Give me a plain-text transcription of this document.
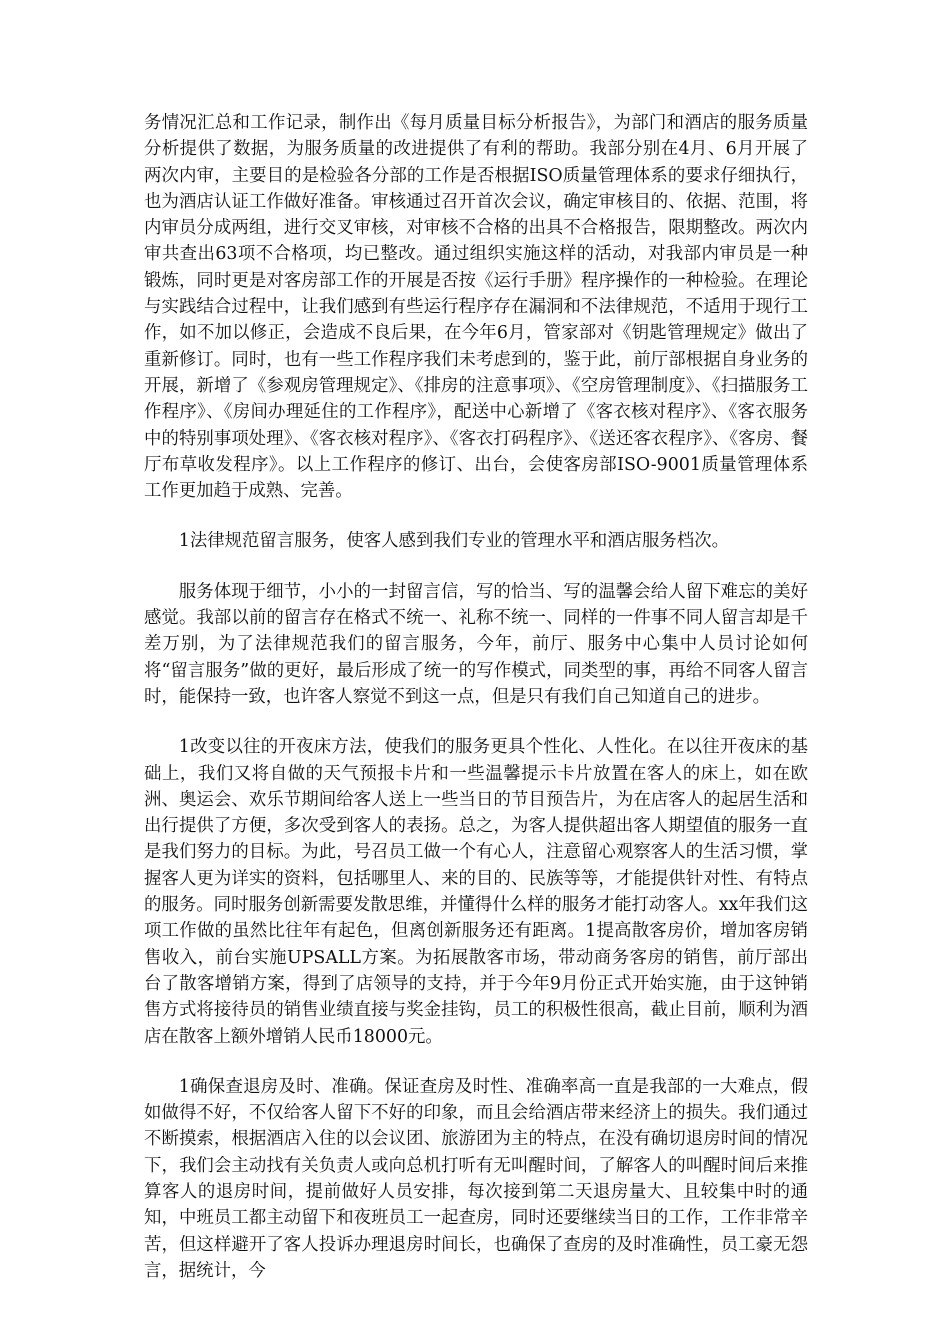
务情况汇总和工作记录，制作出《每月质量目标分析报告》，为部门和酒店的服务质量分析提供了数据，为服务质量的改进提供了有利的帮助。我部分别在4月、6月开展了两次内审，主要目的是检验各分部的工作是否根据ISO质量管理体系的要求仔细执行，也为酒店认证工作做好准备。审核通过召开首次会议，确定审核目的、依据、范围，将内审员分成两组，进行交叉审核，对审核不合格的出具不合格报告，限期整改。两次内审共查出63项不合格项，均已整改。通过组织实施这样的活动，对我部内审员是一种锻炼，同时更是对客房部工作的开展是否按《运行手册》程序操作的一种检验。在理论与实践结合过程中，让我们感到有些运行程序存在漏洞和不法律规范，不适用于现行工作，如不加以修正，会造成不良后果，在今年6月，管家部对《钥匙管理规定》做出了重新修订。同时，也有一些工作程序我们未考虑到的，鉴于此，前厅部根据自身业务的开展，新增了《参观房管理规定》、《排房的注意事项》、《空房管理制度》、《扫描服务工作程序》、《房间办理延住的工作程序》，配送中心新增了《客衣核对程序》、《客衣服务中的特别事项处理》、《客衣核对程序》、《客衣打码程序》、《送还客衣程序》、《客房、餐厅布草收发程序》。以上工作程序的修订、出台，会使客房部ISO-9001质量管理体系工作更加趋于成熟、完善。

1法律规范留言服务，使客人感到我们专业的管理水平和酒店服务档次。

服务体现于细节，小小的一封留言信，写的恰当、写的温馨会给人留下难忘的美好感觉。我部以前的留言存在格式不统一、礼称不统一、同样的一件事不同人留言却是千差万别，为了法律规范我们的留言服务，今年，前厅、服务中心集中人员讨论如何将“留言服务”做的更好，最后形成了统一的写作模式，同类型的事，再给不同客人留言时，能保持一致，也许客人察觉不到这一点，但是只有我们自己知道自己的进步。

1改变以往的开夜床方法，使我们的服务更具个性化、人性化。在以往开夜床的基础上，我们又将自做的天气预报卡片和一些温馨提示卡片放置在客人的床上，如在欧洲、奥运会、欢乐节期间给客人送上一些当日的节目预告片，为在店客人的起居生活和出行提供了方便，多次受到客人的表扬。总之，为客人提供超出客人期望值的服务一直是我们努力的目标。为此，号召员工做一个有心人，注意留心观察客人的生活习惯，掌握客人更为详实的资料，包括哪里人、来的目的、民族等等，才能提供针对性、有特点的服务。同时服务创新需要发散思维，并懂得什么样的服务才能打动客人。xx年我们这项工作做的虽然比往年有起色，但离创新服务还有距离。1提高散客房价，增加客房销售收入，前台实施UPSALL方案。为拓展散客市场，带动商务客房的销售，前厅部出台了散客增销方案，得到了店领导的支持，并于今年9月份正式开始实施，由于这钟销售方式将接待员的销售业绩直接与奖金挂钩，员工的积极性很高，截止目前，顺利为酒店在散客上额外增销人民币18000元。

1确保查退房及时、准确。保证查房及时性、准确率高一直是我部的一大难点，假如做得不好，不仅给客人留下不好的印象，而且会给酒店带来经济上的损失。我们通过不断摸索，根据酒店入住的以会议团、旅游团为主的特点，在没有确切退房时间的情况下，我们会主动找有关负责人或向总机打听有无叫醒时间，了解客人的叫醒时间后来推算客人的退房时间，提前做好人员安排，每次接到第二天退房量大、且较集中时的通知，中班员工都主动留下和夜班员工一起查房，同时还要继续当日的工作，工作非常辛苦，但这样避开了客人投诉办理退房时间长，也确保了查房的及时准确性，员工豪无怨言，据统计，今
